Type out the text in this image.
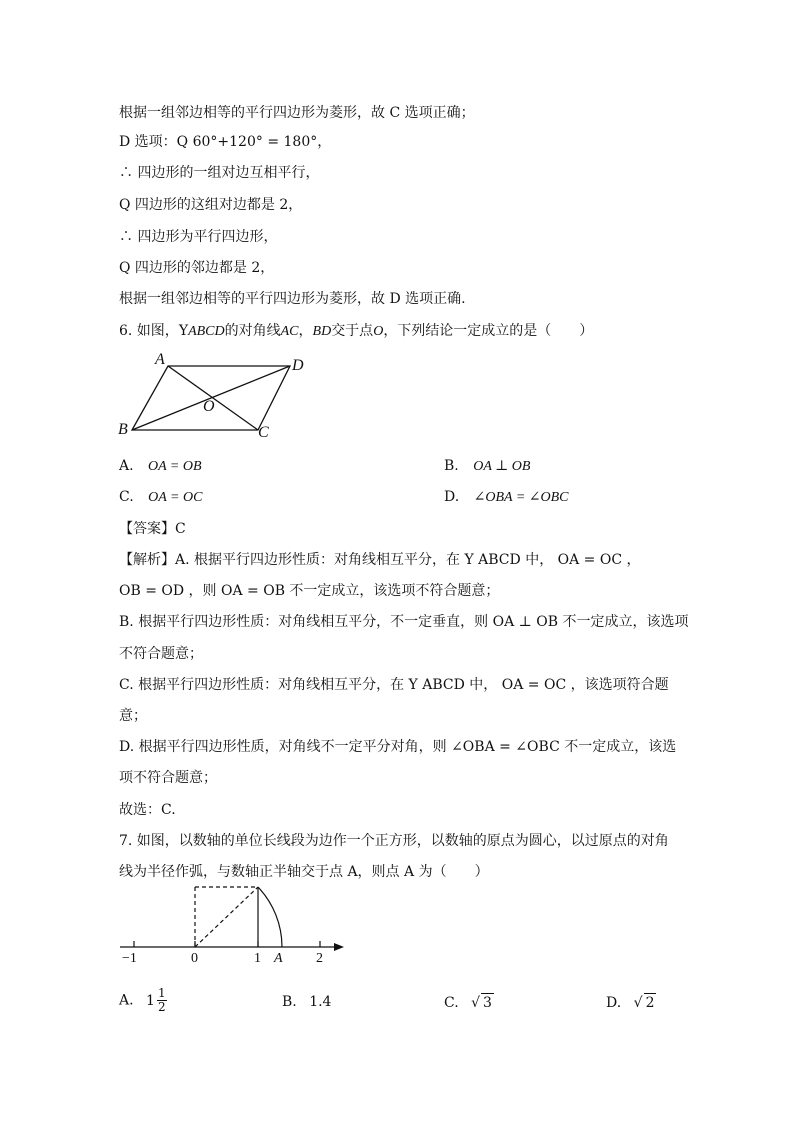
根据一组邻边相等的平行四边形为菱形，故 C 选项正确；
D 选项：Q 60°+120° = 180°，
∴ 四边形的一组对边互相平行，
Q 四边形的这组对边都是 2，
∴ 四边形为平行四边形，
Q 四边形的邻边都是 2，
根据一组邻边相等的平行四边形为菱形，故 D 选项正确.
6. 如图，YABCD的对角线AC，BD交于点O，下列结论一定成立的是（　　）
A
B	C
D
O
A. OA = OB	B. OA ⊥ OB
C. OA = OC	D. ∠OBA = ∠OBC
【答案】C
【解析】A. 根据平行四边形性质：对角线相互平分，在 Y ABCD 中， OA = OC ，
OB = OD ，则 OA = OB 不一定成立，该选项不符合题意；
B. 根据平行四边形性质：对角线相互平分，不一定垂直，则 OA ⊥ OB 不一定成立，该选项
不符合题意；
C. 根据平行四边形性质：对角线相互平分，在 Y ABCD 中， OA = OC ，该选项符合题
意；
D. 根据平行四边形性质，对角线不一定平分对角，则 ∠OBA = ∠OBC 不一定成立，该选
项不符合题意；
故选：C.
7. 如图，以数轴的单位长线段为边作一个正方形，以数轴的原点为圆心，以过原点的对角
线为半径作弧，与数轴正半轴交于点 A，则点 A 为（　　）
−1	0	1 A 2
A. $1 \frac{1}{2}$	B. 1.4	C. √ 3	D. √ 2
